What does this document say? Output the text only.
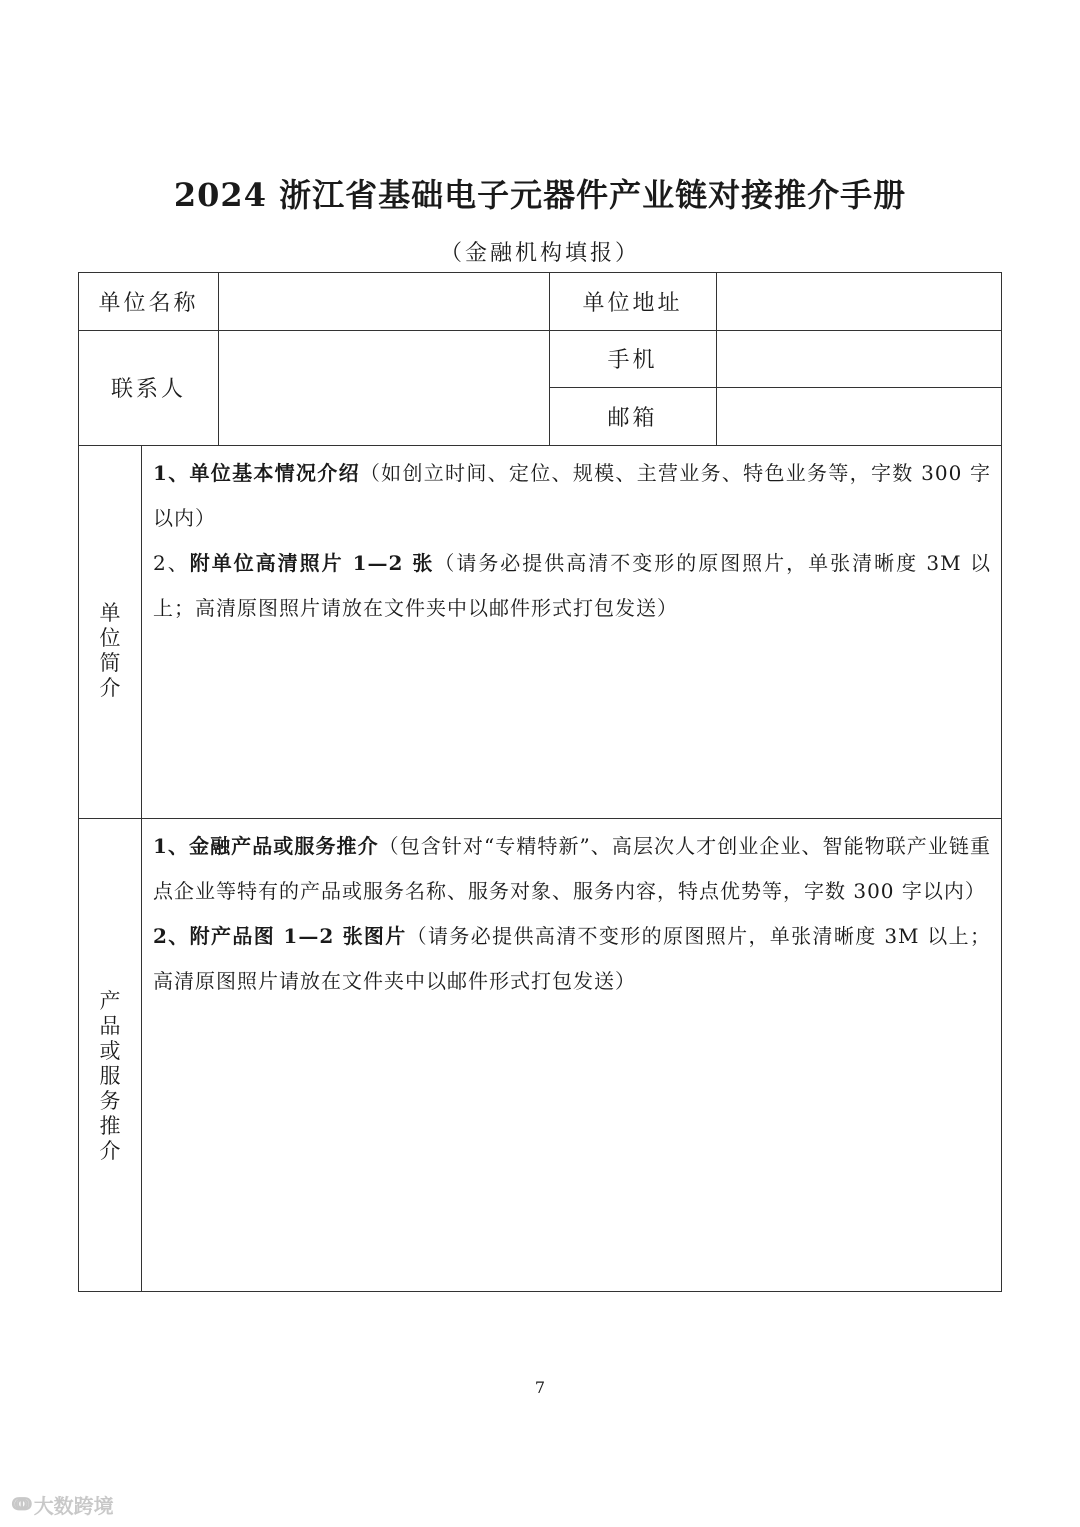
2024 浙江省基础电子元器件产业链对接推介手册
（金融机构填报）
单位名称	单位地址
联系人
手机
邮箱
单位简介
1、单位基本情况介绍（如创立时间、定位、规模、主营业务、特色业务等，字数 300 字以内）
2、附单位高清照片 1—2 张（请务必提供高清不变形的原图照片，单张清晰度 3M 以上；高清原图照片请放在文件夹中以邮件形式打包发送）
产品或服务推介
1、金融产品或服务推介（包含针对“专精特新”、高层次人才创业企业、智能物联产业链重点企业等特有的产品或服务名称、服务对象、服务内容，特点优势等，字数 300 字以内）
2、附产品图 1—2 张图片（请务必提供高清不变形的原图照片，单张清晰度 3M 以上；高清原图照片请放在文件夹中以邮件形式打包发送）
7
ↈ 大数跨境
